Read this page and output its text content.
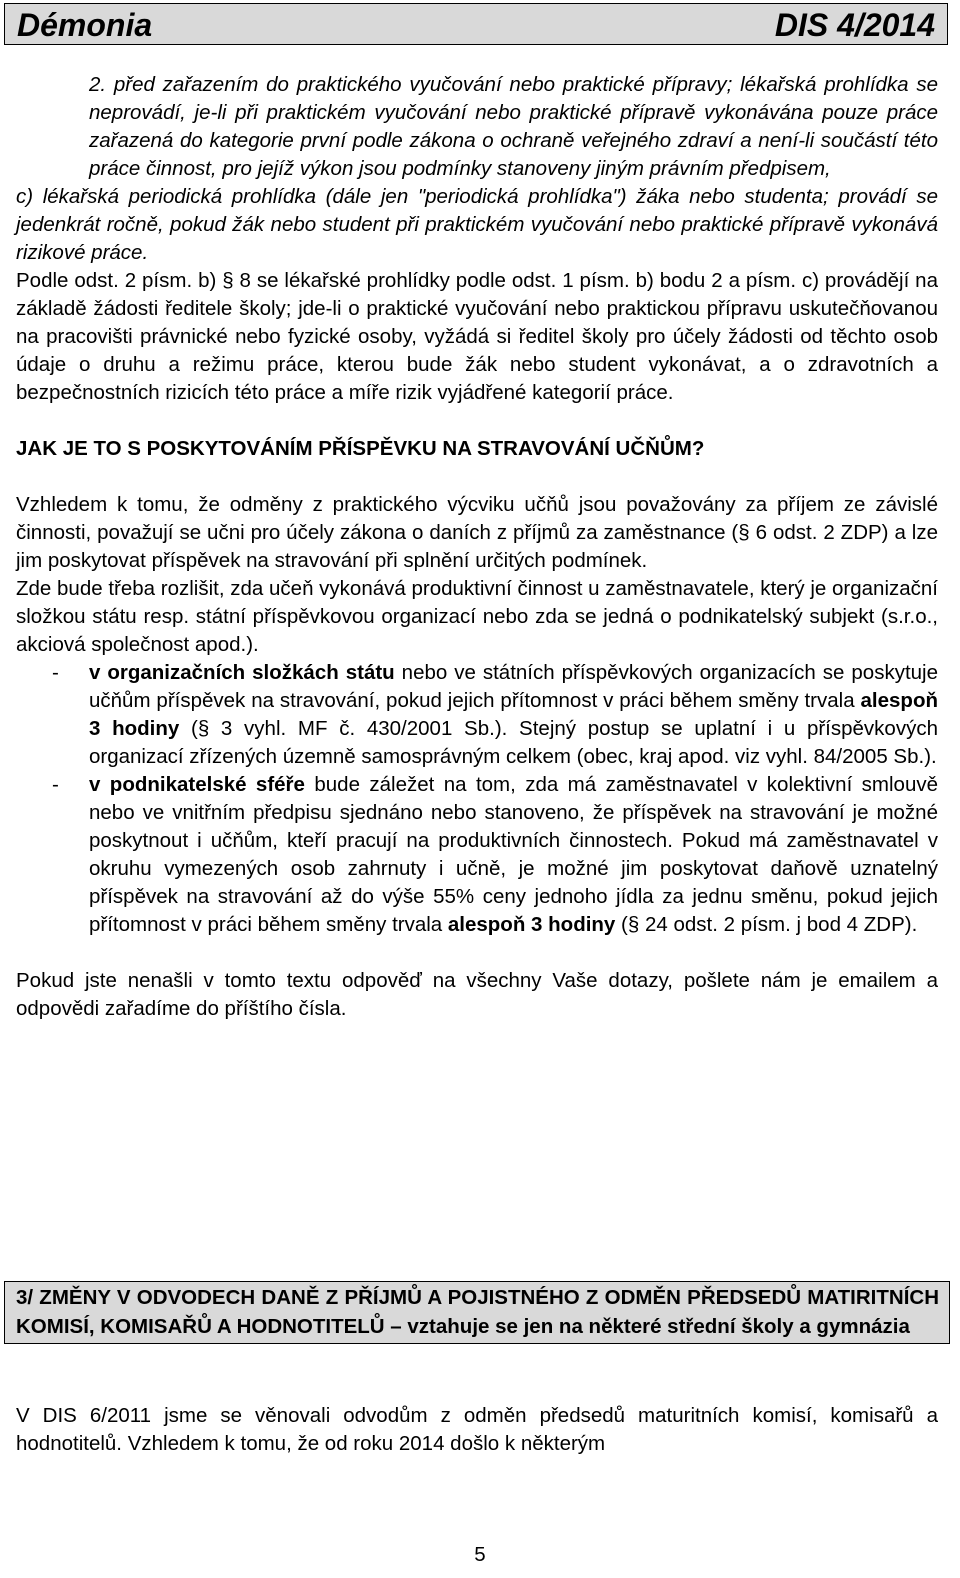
Démonia	DIS 4/2014

2. před zařazením do praktického vyučování nebo praktické přípravy; lékařská prohlídka se neprovádí, je-li při praktickém vyučování nebo praktické přípravě vykonávána pouze práce zařazená do kategorie první podle zákona o ochraně veřejného zdraví a není-li součástí této práce činnost, pro jejíž výkon jsou podmínky stanoveny jiným právním předpisem,

c) lékařská periodická prohlídka (dále jen "periodická prohlídka") žáka nebo studenta; provádí se jedenkrát ročně, pokud žák nebo student při praktickém vyučování nebo praktické přípravě vykonává rizikové práce.

Podle odst. 2 písm. b) § 8 se lékařské prohlídky podle odst. 1 písm. b) bodu 2 a písm. c) provádějí na základě žádosti ředitele školy; jde-li o praktické vyučování nebo praktickou přípravu uskutečňovanou na pracovišti právnické nebo fyzické osoby, vyžádá si ředitel školy pro účely žádosti od těchto osob údaje o druhu a režimu práce, kterou bude žák nebo student vykonávat, a o zdravotních a bezpečnostních rizicích této práce a míře rizik vyjádřené kategorií práce.

JAK JE TO S POSKYTOVÁNÍM PŘÍSPĚVKU NA STRAVOVÁNÍ UČŇŮM?

Vzhledem k tomu, že odměny z praktického výcviku učňů jsou považovány za příjem ze závislé činnosti, považují se učni pro účely zákona o daních z příjmů za zaměstnance (§ 6 odst. 2 ZDP) a lze jim poskytovat příspěvek na stravování při splnění určitých podmínek.

Zde bude třeba rozlišit, zda učeň vykonává produktivní činnost u zaměstnavatele, který je organizační složkou státu resp. státní příspěvkovou organizací nebo zda se jedná o podnikatelský subjekt (s.r.o., akciová společnost apod.).

- v organizačních složkách státu nebo ve státních příspěvkových organizacích se poskytuje učňům příspěvek na stravování, pokud jejich přítomnost v práci během směny trvala alespoň 3 hodiny (§ 3 vyhl. MF č. 430/2001 Sb.). Stejný postup se uplatní i u příspěvkových organizací zřízených územně samosprávným celkem (obec, kraj apod. viz vyhl. 84/2005 Sb.).
- v podnikatelské sféře bude záležet na tom, zda má zaměstnavatel v kolektivní smlouvě nebo ve vnitřním předpisu sjednáno nebo stanoveno, že příspěvek na stravování je možné poskytnout i učňům, kteří pracují na produktivních činnostech. Pokud má zaměstnavatel v okruhu vymezených osob zahrnuty i učně, je možné jim poskytovat daňově uznatelný příspěvek na stravování až do výše 55% ceny jednoho jídla za jednu směnu, pokud jejich přítomnost v práci během směny trvala alespoň 3 hodiny (§ 24 odst. 2 písm. j bod 4 ZDP).

Pokud jste nenašli v tomto textu odpověď na všechny Vaše dotazy, pošlete nám je emailem a odpovědi zařadíme do příštího čísla.

3/ ZMĚNY V ODVODECH DANĚ Z PŘÍJMŮ A POJISTNÉHO Z ODMĚN PŘEDSEDŮ MATIRITNÍCH KOMISÍ, KOMISAŘŮ A HODNOTITELŮ – vztahuje se jen na některé střední školy a gymnázia

V DIS 6/2011 jsme se věnovali odvodům z odměn předsedů maturitních komisí, komisařů a hodnotitelů. Vzhledem k tomu, že od roku 2014 došlo k některým

5
